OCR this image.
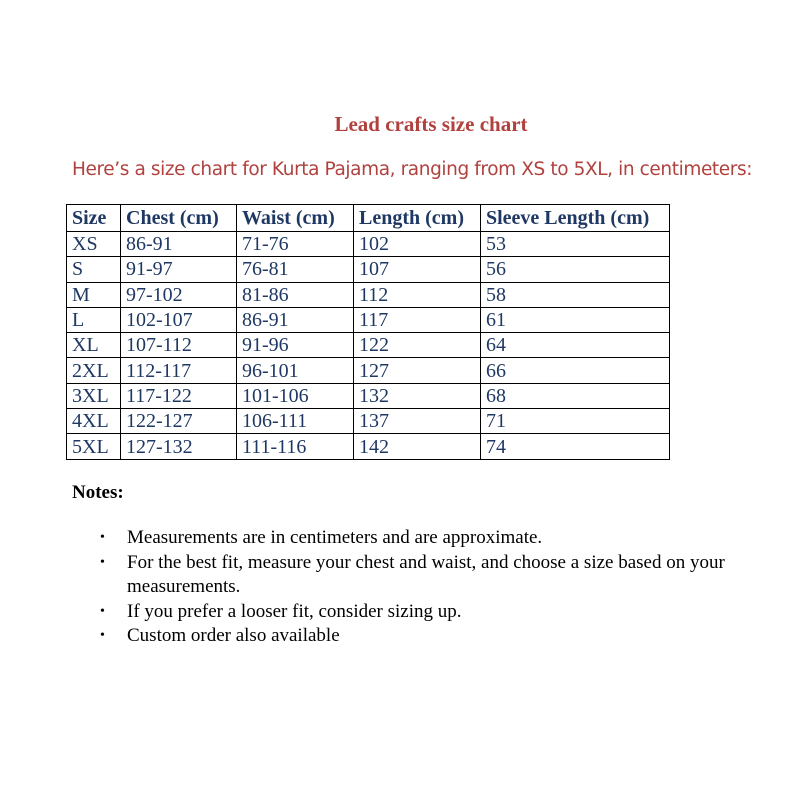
Lead crafts size chart
Here’s a size chart for Kurta Pajama, ranging from XS to 5XL, in centimeters:
Size	Chest (cm)	Waist (cm)	Length (cm)	Sleeve Length (cm)
XS	86-91	71-76	102	53
S	91-97	76-81	107	56
M	97-102	81-86	112	58
L	102-107	86-91	117	61
XL	107-112	91-96	122	64
2XL	112-117	96-101	127	66
3XL	117-122	101-106	132	68
4XL	122-127	106-111	137	71
5XL	127-132	111-116	142	74
Notes:
• Measurements are in centimeters and are approximate.
• For the best fit, measure your chest and waist, and choose a size based on your measurements.
• If you prefer a looser fit, consider sizing up.
• Custom order also available
